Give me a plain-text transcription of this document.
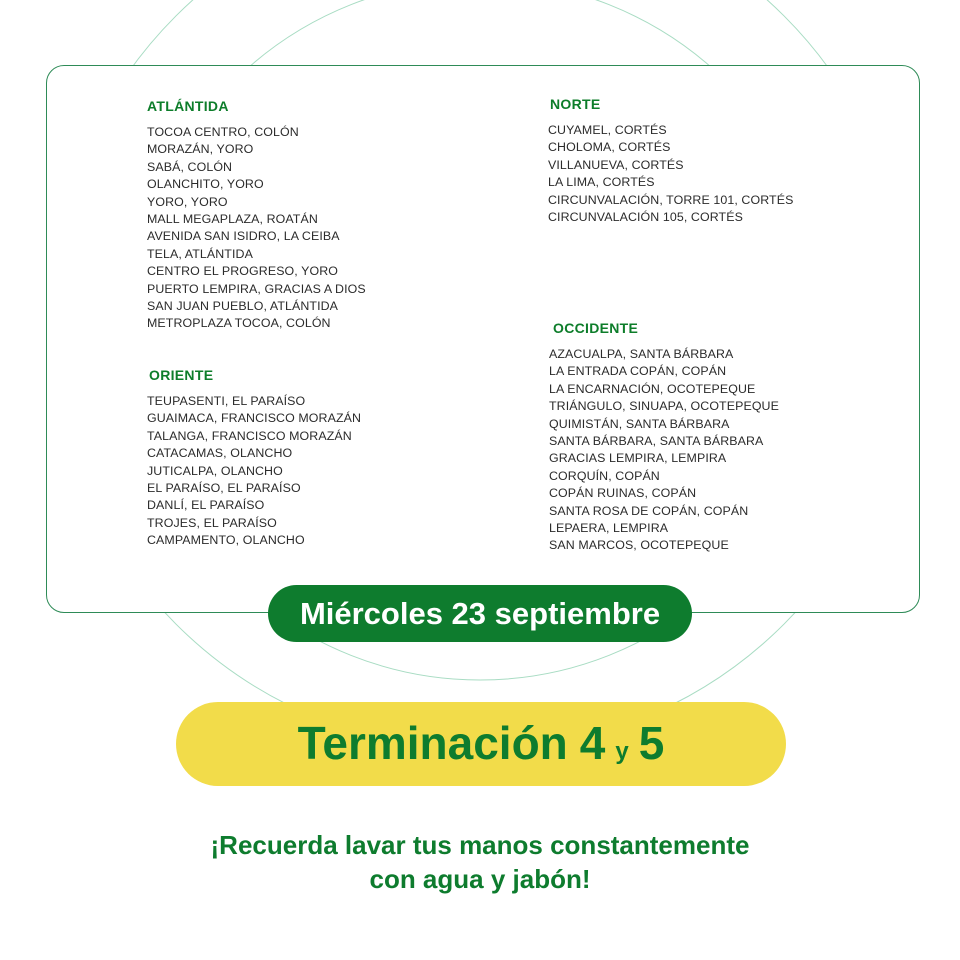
ATLÁNTIDA
TOCOA CENTRO, COLÓN
MORAZÁN, YORO
SABÁ, COLÓN
OLANCHITO, YORO
YORO, YORO
MALL MEGAPLAZA, ROATÁN
AVENIDA SAN ISIDRO, LA CEIBA
TELA, ATLÁNTIDA
CENTRO EL PROGRESO, YORO
PUERTO LEMPIRA, GRACIAS A DIOS
SAN JUAN PUEBLO, ATLÁNTIDA
METROPLAZA TOCOA, COLÓN
ORIENTE
TEUPASENTI, EL PARAÍSO
GUAIMACA, FRANCISCO MORAZÁN
TALANGA, FRANCISCO MORAZÁN
CATACAMAS, OLANCHO
JUTICALPA, OLANCHO
EL PARAÍSO, EL PARAÍSO
DANLÍ, EL PARAÍSO
TROJES, EL PARAÍSO
CAMPAMENTO, OLANCHO
NORTE
CUYAMEL, CORTÉS
CHOLOMA, CORTÉS
VILLANUEVA, CORTÉS
LA LIMA, CORTÉS
CIRCUNVALACIÓN, TORRE 101, CORTÉS
CIRCUNVALACIÓN 105, CORTÉS
OCCIDENTE
AZACUALPA, SANTA BÁRBARA
LA ENTRADA COPÁN, COPÁN
LA ENCARNACIÓN, OCOTEPEQUE
TRIÁNGULO, SINUAPA, OCOTEPEQUE
QUIMISTÁN, SANTA BÁRBARA
SANTA BÁRBARA, SANTA BÁRBARA
GRACIAS LEMPIRA, LEMPIRA
CORQUÍN, COPÁN
COPÁN RUINAS, COPÁN
SANTA ROSA DE COPÁN, COPÁN
LEPAERA, LEMPIRA
SAN MARCOS, OCOTEPEQUE
Miércoles 23 septiembre
Terminación 4 y 5
¡Recuerda lavar tus manos constantemente
con agua y jabón!
